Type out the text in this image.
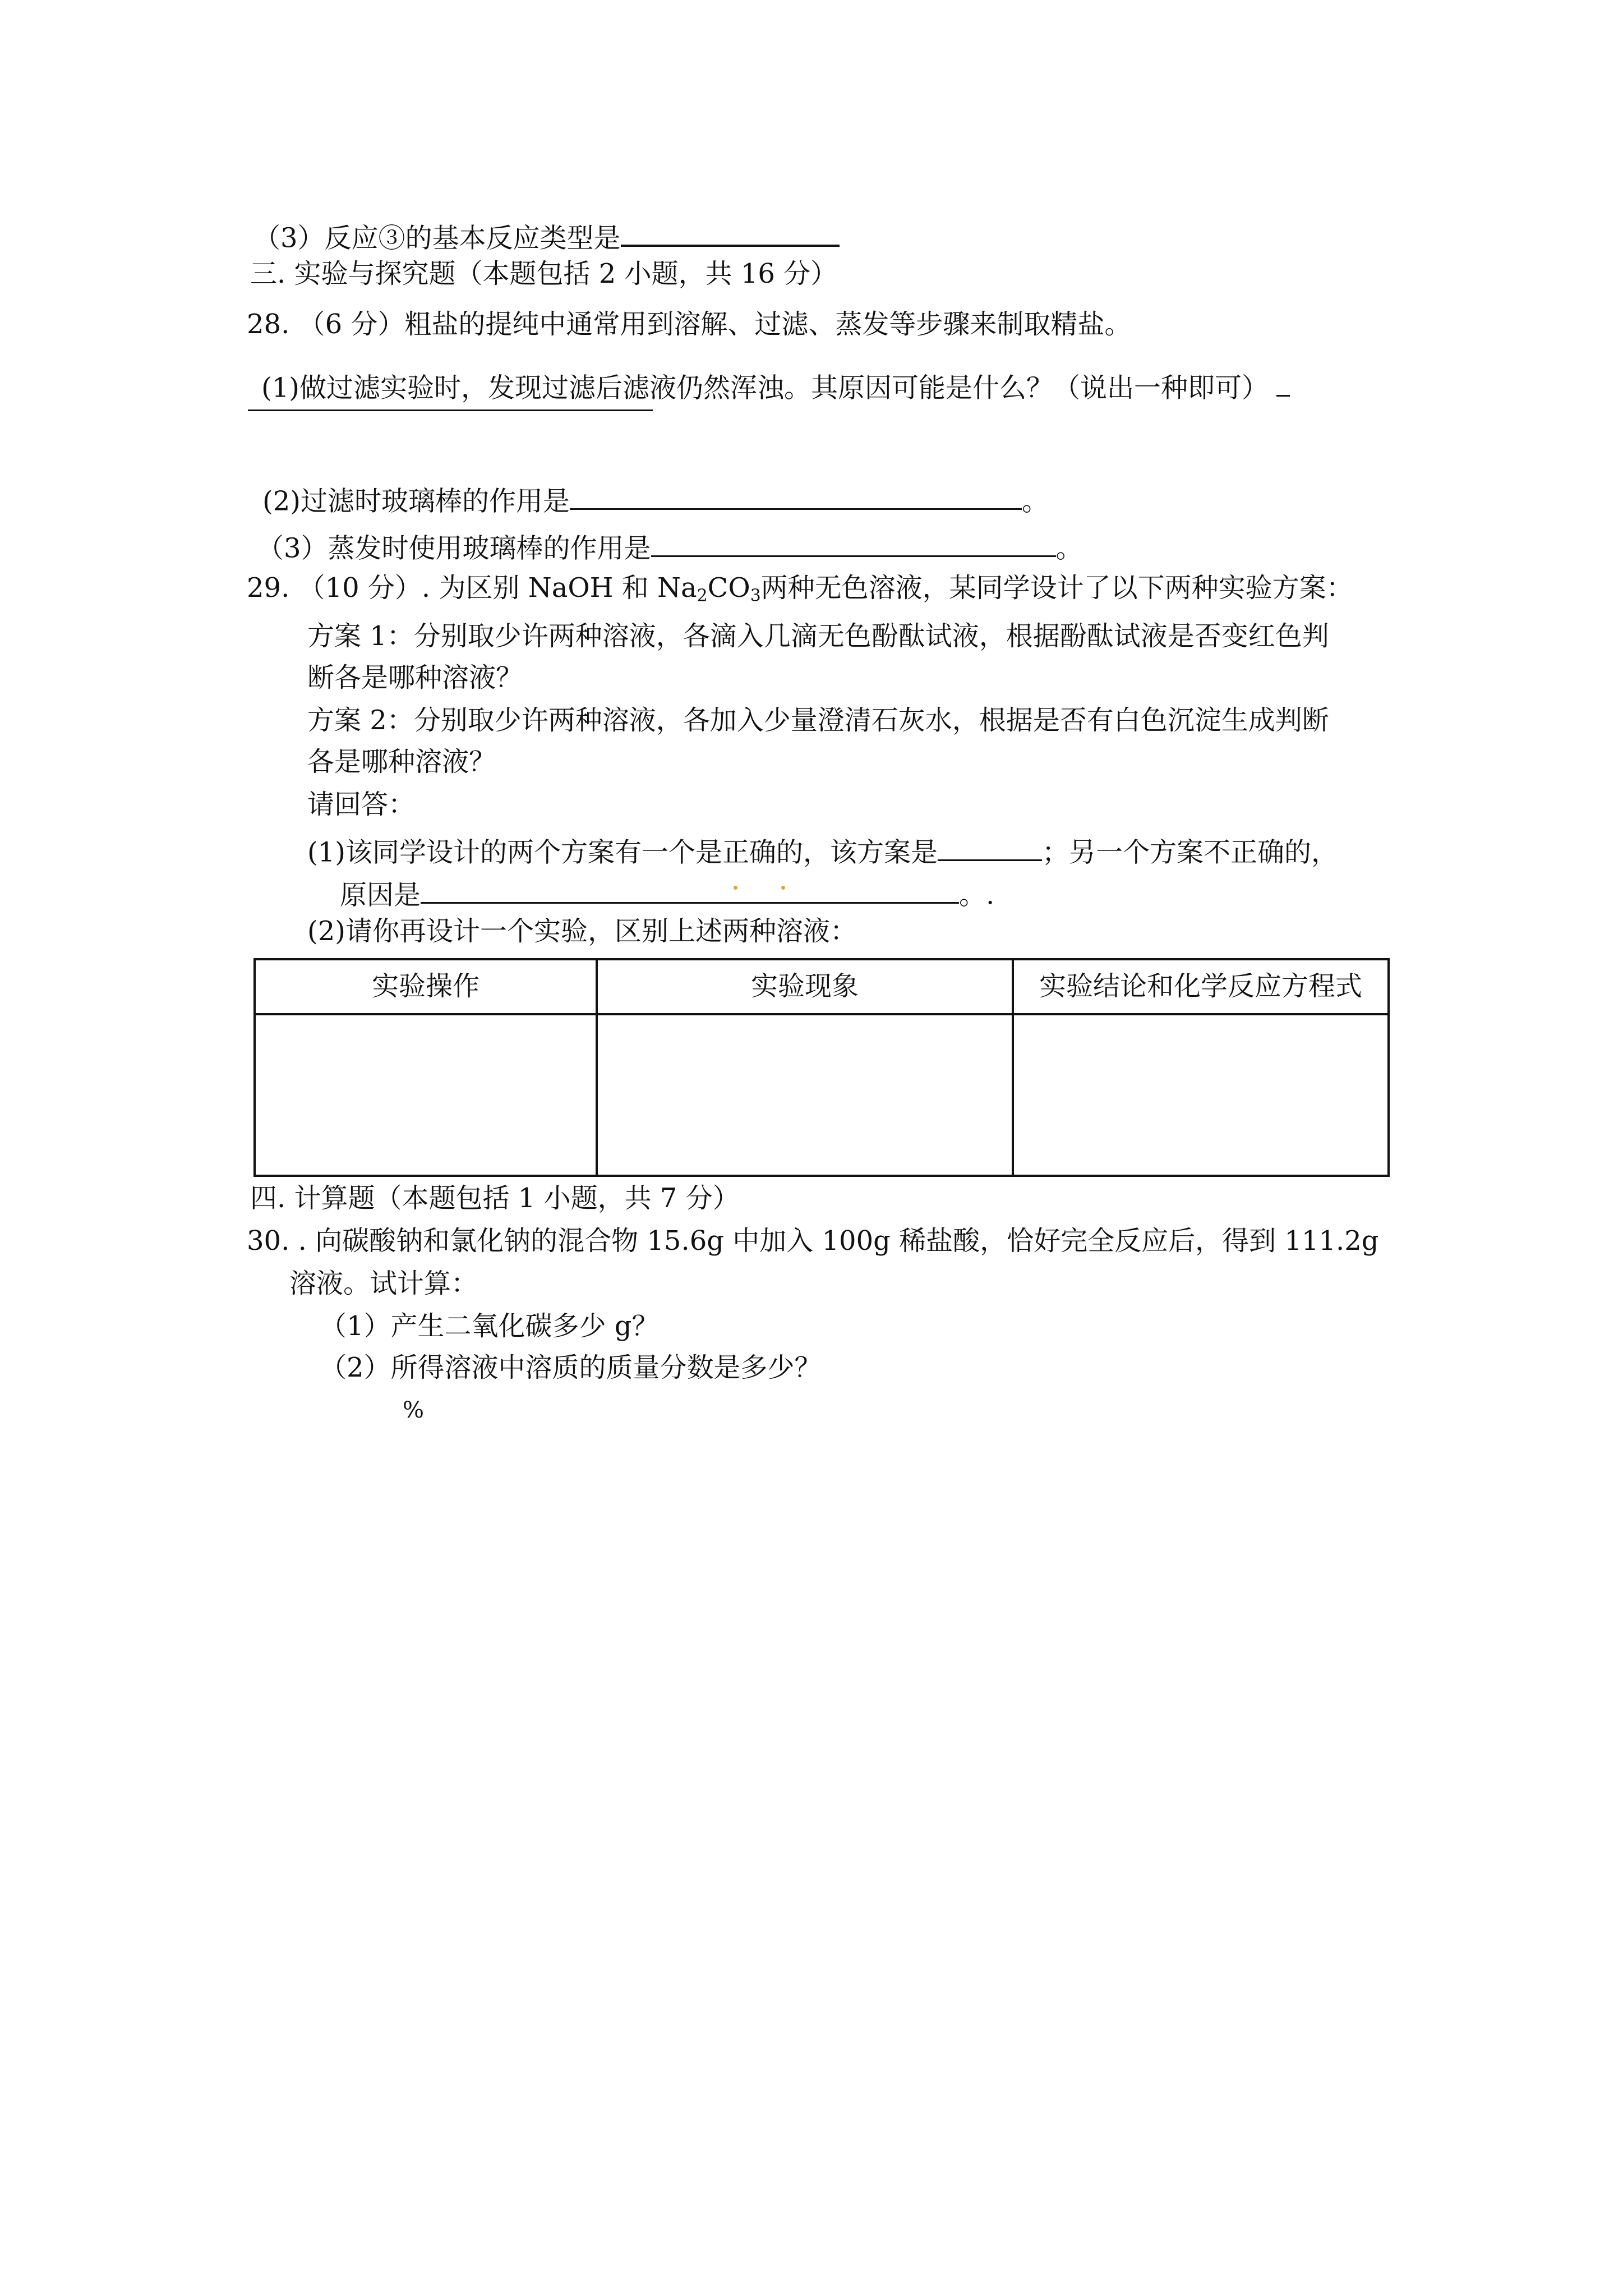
（3）反应③的基本反应类型是
三. 实验与探究题（本题包括 2 小题，共 16 分）
28. （6 分）粗盐的提纯中通常用到溶解、过滤、蒸发等步骤来制取精盐。
(1)做过滤实验时，发现过滤后滤液仍然浑浊。其原因可能是什么？（说出一种即可）
(2)过滤时玻璃棒的作用是	。
（3）蒸发时使用玻璃棒的作用是	。
29. （10 分）. 为区别 NaOH 和 $Na_2CO_3$两种无色溶液，某同学设计了以下两种实验方案：
方案 1：分别取少许两种溶液，各滴入几滴无色酚酞试液，根据酚酞试液是否变红色判
断各是哪种溶液？
方案 2：分别取少许两种溶液，各加入少量澄清石灰水，根据是否有白色沉淀生成判断
各是哪种溶液？
请回答：
(1)该同学设计的两个方案有一个是正确的，该方案是	；另一个方案不正确的，
原因是	。.
(2)请你再设计一个实验，区别上述两种溶液：
实验操作	实验现象	实验结论和化学反应方程式

四. 计算题（本题包括 1 小题，共 7 分）
30. . 向碳酸钠和氯化钠的混合物 15.6g 中加入 100g 稀盐酸，恰好完全反应后，得到 111.2g
溶液。试计算：
（1）产生二氧化碳多少 g？
（2）所得溶液中溶质的质量分数是多少？
%
